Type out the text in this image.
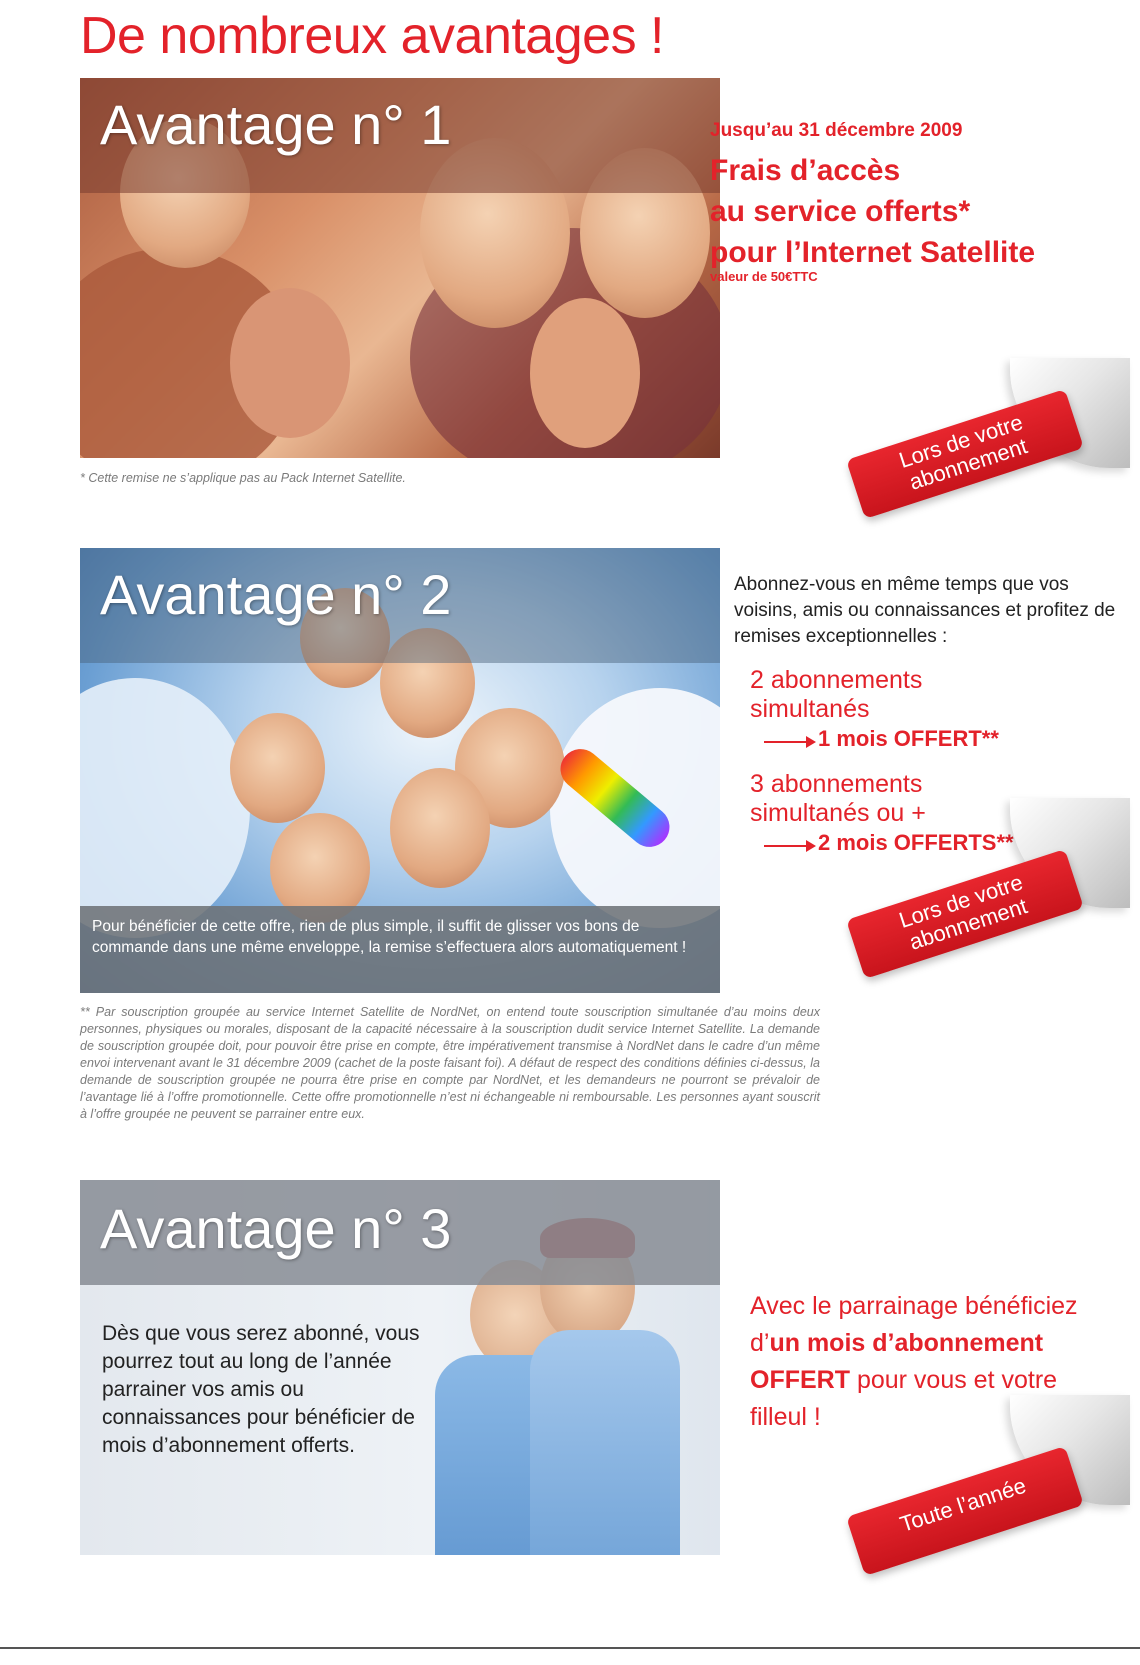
De nombreux avantages !
Avantage n° 1
* Cette remise ne s’applique pas au Pack Internet Satellite.
Jusqu’au 31 décembre 2009
Frais d’accès
au service offerts*
pour l’Internet Satellite
valeur de 50€TTC
Lors de votre abonnement
Avantage n° 2
Pour bénéficier de cette offre, rien de plus simple, il suffit de glisser vos bons de commande dans une même enveloppe, la remise s’effectuera alors automatiquement !
** Par souscription groupée au service Internet Satellite de NordNet, on entend toute souscription simultanée d’au moins deux personnes, physiques ou morales, disposant de la capacité nécessaire à la souscription dudit service Internet Satellite. La demande de souscription groupée doit, pour pouvoir être prise en compte, être impérativement transmise à NordNet dans le cadre d’un même envoi intervenant avant le 31 décembre 2009 (cachet de la poste faisant foi). A défaut de respect des conditions définies ci-dessus, la demande de souscription groupée ne pourra être prise en compte par NordNet, et les demandeurs ne pourront se prévaloir de l’avantage lié à l’offre promotionnelle. Cette offre promotionnelle n’est ni échangeable ni remboursable. Les personnes ayant souscrit à l’offre groupée ne peuvent se parrainer entre eux.
Abonnez-vous en même temps que vos voisins, amis ou connaissances et profitez de remises exceptionnelles :
2 abonnements
simultanés
1 mois OFFERT**
3 abonnements
simultanés ou +
2 mois OFFERTS**
Lors de votre abonnement
Avantage n° 3
Dès que vous serez abonné, vous pourrez tout au long de l’année parrainer vos amis ou connaissances pour bénéficier de mois d’abonnement offerts.
Avec le parrainage bénéficiez d’un mois d’abonnement OFFERT pour vous et votre filleul !
Toute l’année
